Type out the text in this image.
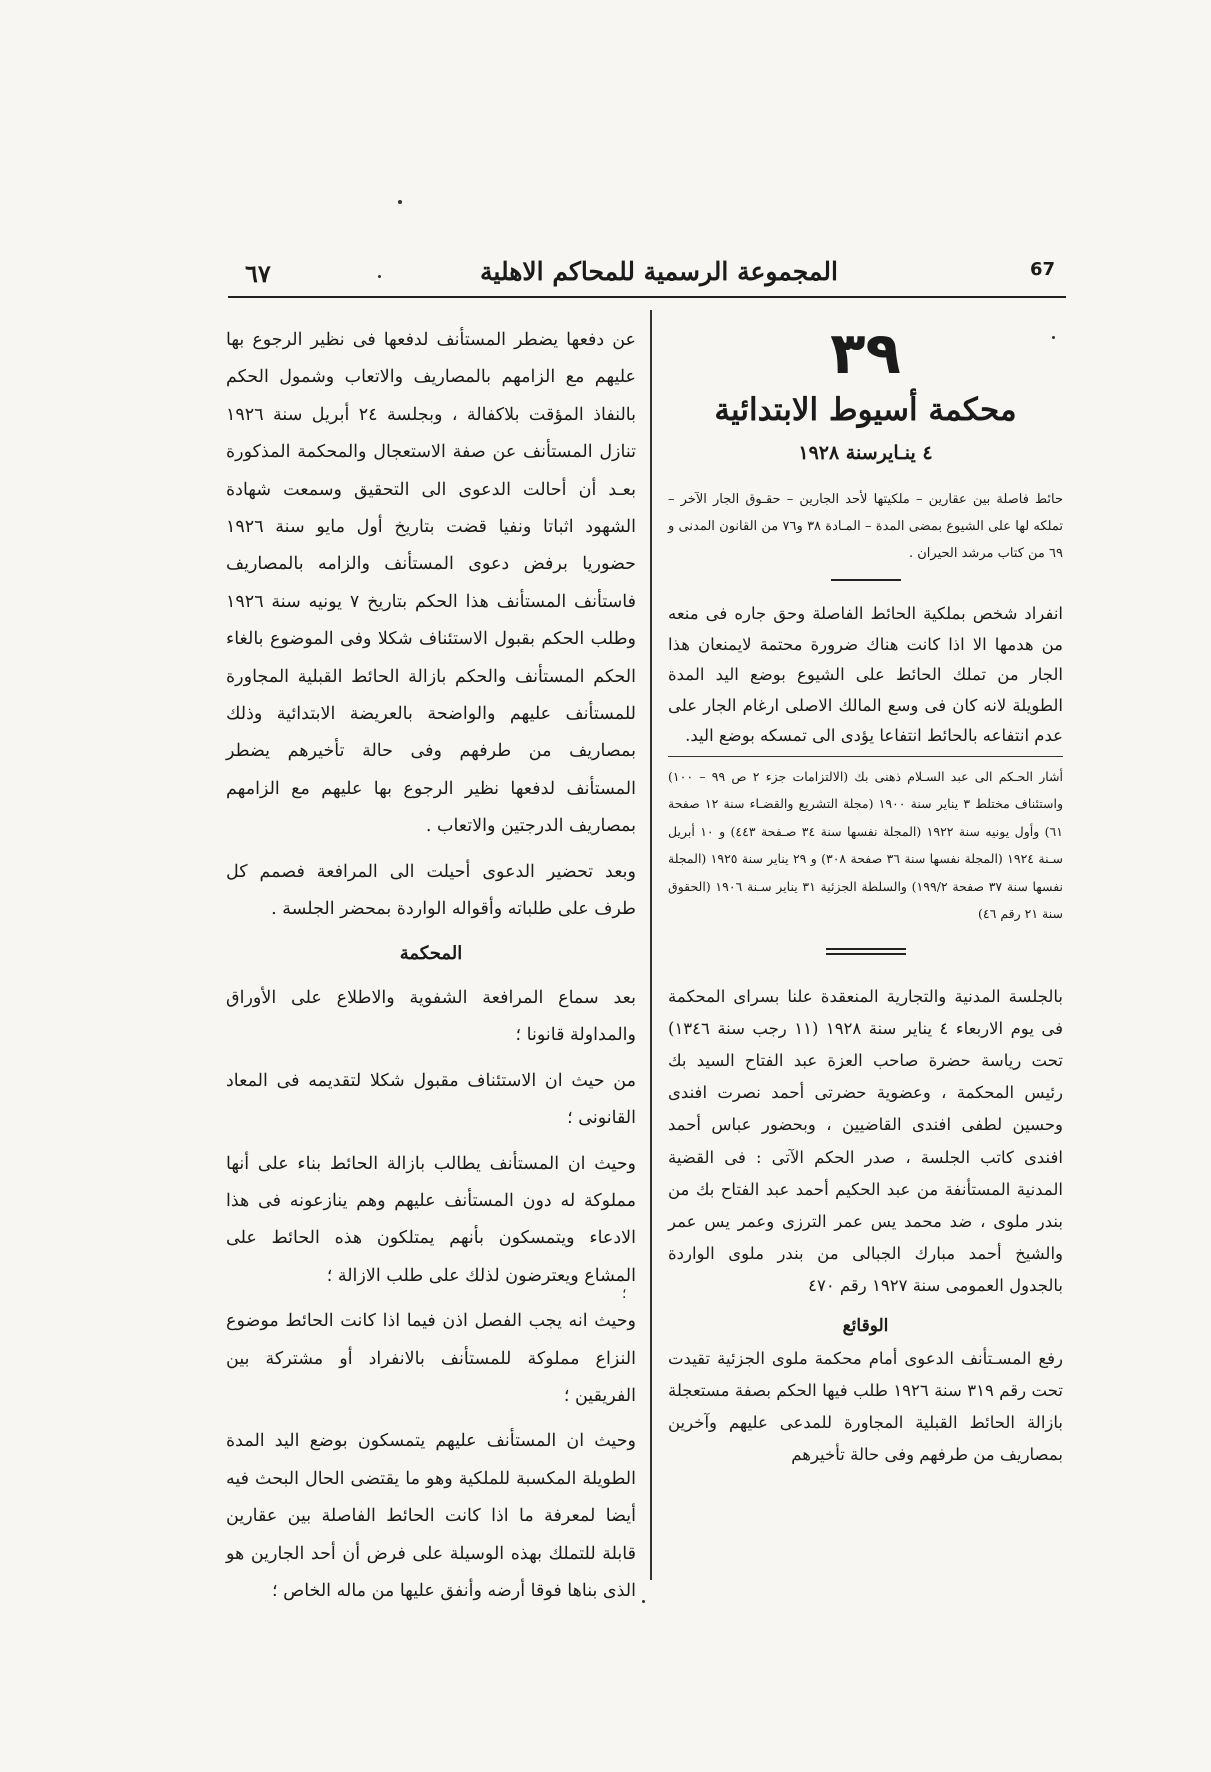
٦٧	المجموعة الرسمية للمحاكم الاهلية	67
٣٩
محكمة أسيوط الابتدائية
٤ ينـايرسنة ١٩٢٨

حائط فاصلة بين عقارين – ملكيتها لأحد الجارين – حقـوق الجار الآخر – تملكه لها على الشيوع بمضى المدة – المـادة ٣٨ و٧٦ من القانون المدنى و ٦٩ من كتاب مرشد الحيران .

انفراد شخص بملكية الحائط الفاصلة وحق جاره فى منعه من هدمها الا اذا كانت هناك ضرورة محتمة لايمنعان هذا الجار من تملك الحائط على الشيوع بوضع اليد المدة الطويلة لانه كان فى وسع المالك الاصلى ارغام الجار على عدم انتفاعه بالحائط انتفاعا يؤدى الى تمسكه بوضع اليد.

أشار الحـكم الى عبد السـلام ذهنى بك (الالتزامات جزء ٢ ص ٩٩ – ١٠٠) واستئناف مختلط ٣ يناير سنة ١٩٠٠ (مجلة التشريع والقضـاء سنة ١٢ صفحة ٦١) وأول يونيه سنة ١٩٢٢ (المجلة نفسها سنة ٣٤ صـفحة ٤٤٣) و ١٠ أبريل سـنة ١٩٢٤ (المجلة نفسها سنة ٣٦ صفحة ٣٠٨) و ٢٩ يناير سنة ١٩٢٥ (المجلة نفسها سنة ٣٧ صفحة ١٩٩/٢) والسلطة الجزئية ٣١ يناير سـنة ١٩٠٦ (الحقوق سنة ٢١ رقم ٤٦)

بالجلسة المدنية والتجارية المنعقدة علنا بسراى المحكمة فى يوم الاربعاء ٤ يناير سنة ١٩٢٨ (١١ رجب سنة ١٣٤٦) تحت رياسة حضرة صاحب العزة عبد الفتاح السيد بك رئيس المحكمة ، وعضوية حضرتى أحمد نصرت افندى وحسين لطفى افندى القاضيين ، وبحضور عباس أحمد افندى كاتب الجلسة ، صدر الحكم الآتى : فى القضية المدنية المستأنفة من عبد الحكيم أحمد عبد الفتاح بك من بندر ملوى ، ضد محمد يس عمر الترزى وعمر يس عمر والشيخ أحمد مبارك الجبالى من بندر ملوى الواردة بالجدول العمومى سنة ١٩٢٧ رقم ٤٧٠

الوقائع

رفع المسـتأنف الدعوى أمام محكمة ملوى الجزئية تقيدت تحت رقم ٣١٩ سنة ١٩٢٦ طلب فيها الحكم بصفة مستعجلة بازالة الحائط القبلية المجاورة للمدعى عليهم وآخرين بمصاريف من طرفهم وفى حالة تأخيرهم

؛

عن دفعها يضطر المستأنف لدفعها فى نظير الرجوع بها عليهم مع الزامهم بالمصاريف والاتعاب وشمول الحكم بالنفاذ المؤقت بلاكفالة ، وبجلسة ٢٤ أبريل سنة ١٩٢٦ تنازل المستأنف عن صفة الاستعجال والمحكمة المذكورة بعـد أن أحالت الدعوى الى التحقيق وسمعت شهادة الشهود اثباتا ونفيا قضت بتاريخ أول مايو سنة ١٩٢٦ حضوريا برفض دعوى المستأنف والزامه بالمصاريف فاستأنف المستأنف هذا الحكم بتاريخ ٧ يونيه سنة ١٩٢٦ وطلب الحكم بقبول الاستئناف شكلا وفى الموضوع بالغاء الحكم المستأنف والحكم بازالة الحائط القبلية المجاورة للمستأنف عليهم والواضحة بالعريضة الابتدائية وذلك بمصاريف من طرفهم وفى حالة تأخيرهم يضطر المستأنف لدفعها نظير الرجوع بها عليهم مع الزامهم بمصاريف الدرجتين والاتعاب .

وبعد تحضير الدعوى أحيلت الى المرافعة فصمم كل طرف على طلباته وأقواله الواردة بمحضر الجلسة .

المحكمة

بعد سماع المرافعة الشفوية والاطلاع على الأوراق والمداولة قانونا ؛

من حيث ان الاستئناف مقبول شكلا لتقديمه فى المعاد القانونى ؛

وحيث ان المستأنف يطالب بازالة الحائط بناء على أنها مملوكة له دون المستأنف عليهم وهم ينازعونه فى هذا الادعاء ويتمسكون بأنهم يمتلكون هذه الحائط على المشاع ويعترضون لذلك على طلب الازالة ؛

وحيث انه يجب الفصل اذن فيما اذا كانت الحائط موضوع النزاع مملوكة للمستأنف بالانفراد أو مشتركة بين الفريقين ؛

وحيث ان المستأنف عليهم يتمسكون بوضع اليد المدة الطويلة المكسبة للملكية وهو ما يقتضى الحال البحث فيه أيضا لمعرفة ما اذا كانت الحائط الفاصلة بين عقارين قابلة للتملك بهذه الوسيلة على فرض أن أحد الجارين هو الذى بناها فوقا أرضه وأنفق عليها من ماله الخاص ؛
